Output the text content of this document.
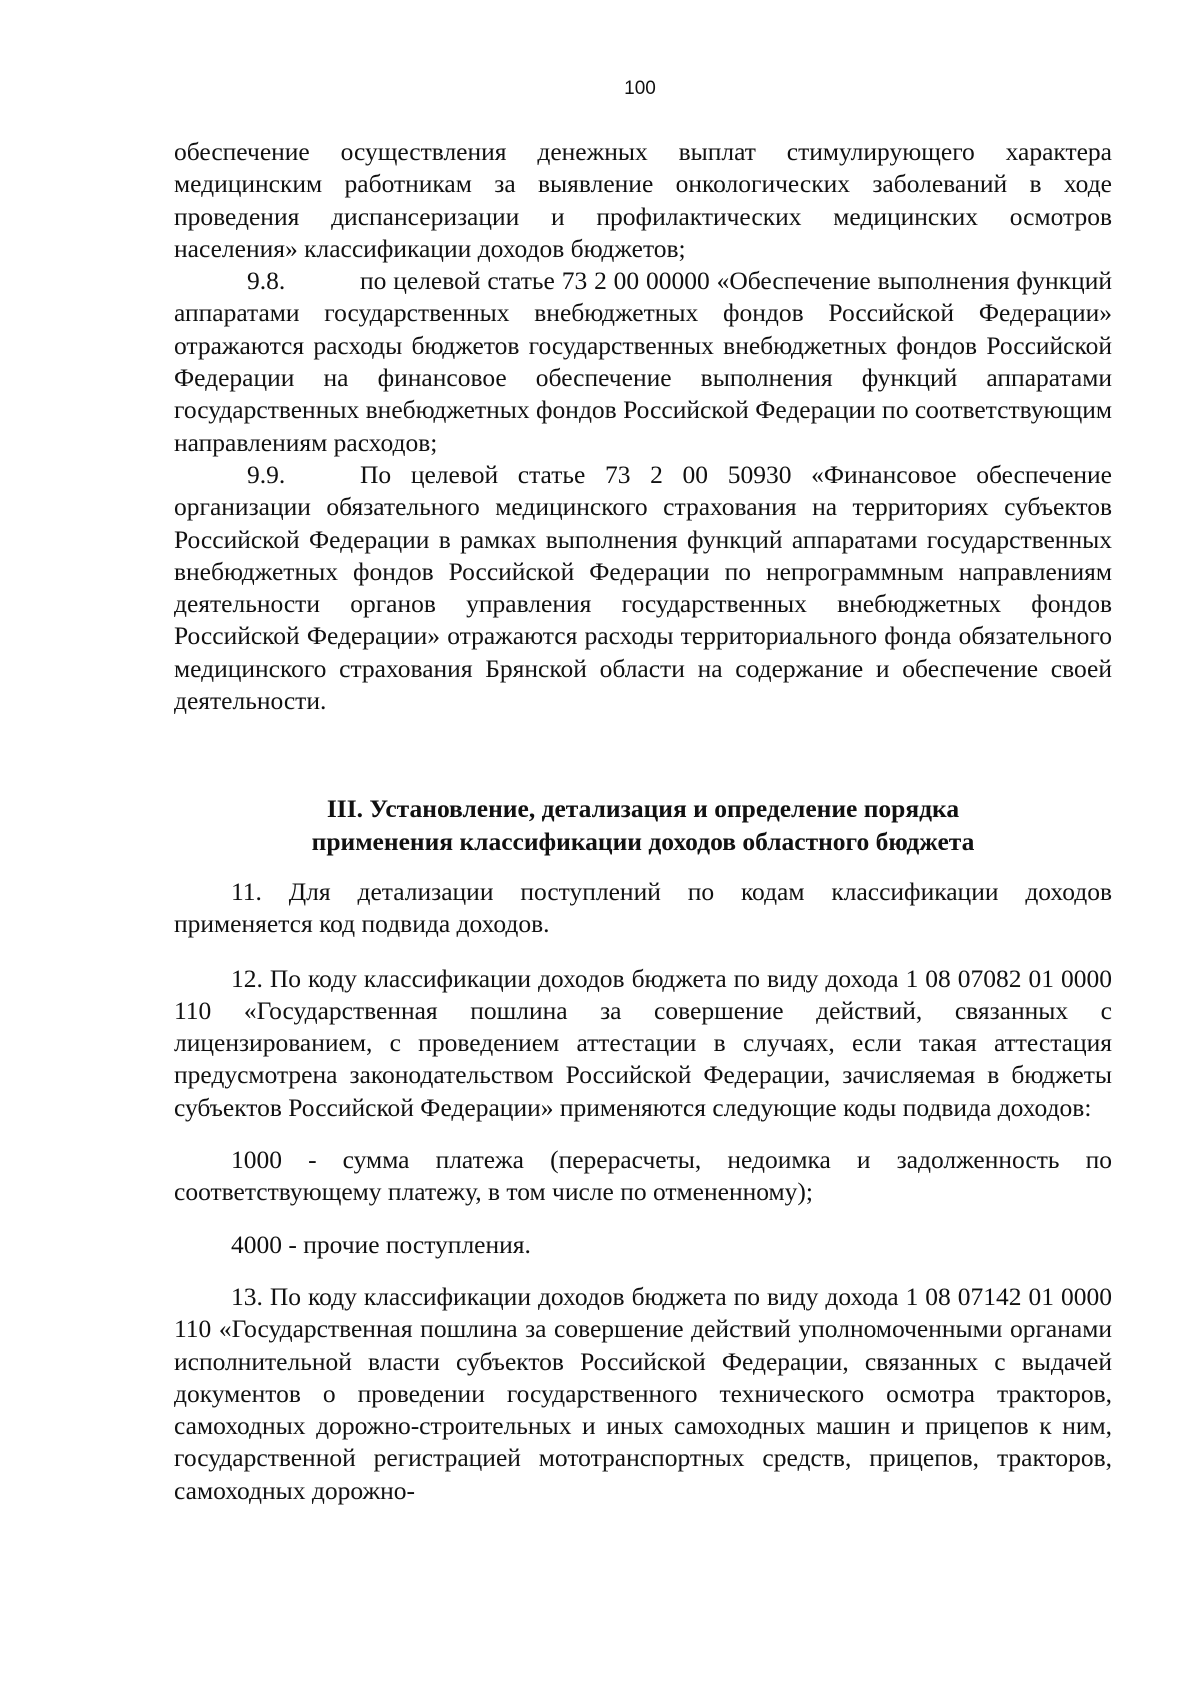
100

обеспечение осуществления денежных выплат стимулирующего характера медицинским работникам за выявление онкологических заболеваний в ходе проведения диспансеризации и профилактических медицинских осмотров населения» классификации доходов бюджетов;

9.8.	по целевой статье 73 2 00 00000 «Обеспечение выполнения функций аппаратами государственных внебюджетных фондов Российской Федерации» отражаются расходы бюджетов государственных внебюджетных фондов Российской Федерации на финансовое обеспечение выполнения функций аппаратами государственных внебюджетных фондов Российской Федерации по соответствующим направлениям расходов;

9.9.	По целевой статье 73 2 00 50930 «Финансовое обеспечение организации обязательного медицинского страхования на территориях субъектов Российской Федерации в рамках выполнения функций аппаратами государственных внебюджетных фондов Российской Федерации по непрограммным направлениям деятельности органов управления государственных внебюджетных фондов Российской Федерации» отражаются расходы территориального фонда обязательного медицинского страхования Брянской области на содержание и обеспечение своей деятельности.

III. Установление, детализация и определение порядка
применения классификации доходов областного бюджета

11. Для детализации поступлений по кодам классификации доходов применяется код подвида доходов.

12. По коду классификации доходов бюджета по виду дохода 1 08 07082 01 0000 110 «Государственная пошлина за совершение действий, связанных с лицензированием, с проведением аттестации в случаях, если такая аттестация предусмотрена законодательством Российской Федерации, зачисляемая в бюджеты субъектов Российской Федерации» применяются следующие коды подвида доходов:

1000 - сумма платежа (перерасчеты, недоимка и задолженность по соответствующему платежу, в том числе по отмененному);

4000 - прочие поступления.

13. По коду классификации доходов бюджета по виду дохода 1 08 07142 01 0000 110 «Государственная пошлина за совершение действий уполномоченными органами исполнительной власти субъектов Российской Федерации, связанных с выдачей документов о проведении государственного технического осмотра тракторов, самоходных дорожно-строительных и иных самоходных машин и прицепов к ним, государственной регистрацией мототранспортных средств, прицепов, тракторов, самоходных дорожно-
